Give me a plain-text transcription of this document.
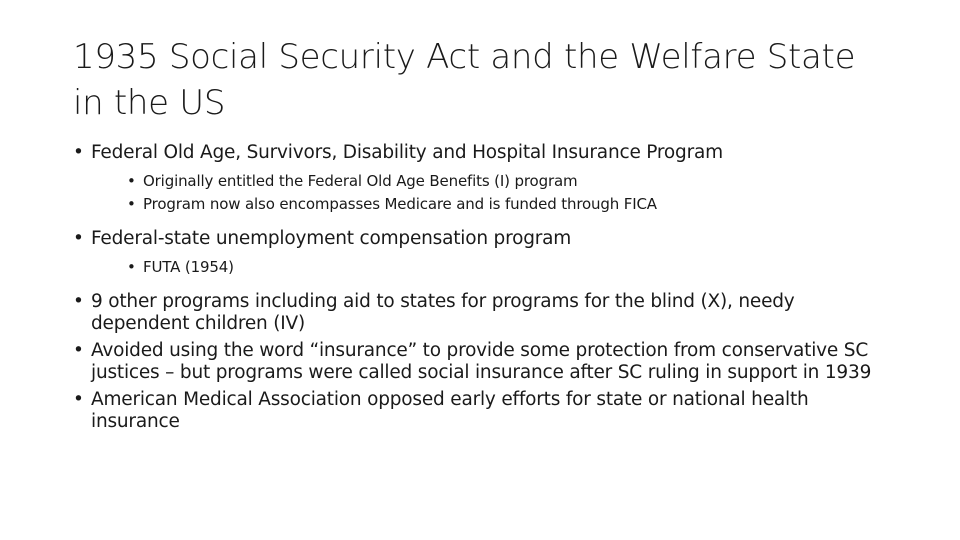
1935 Social Security Act and the Welfare State in the US
• Federal Old Age, Survivors, Disability and Hospital Insurance Program
• Originally entitled the Federal Old Age Benefits (I) program
• Program now also encompasses Medicare and is funded through FICA
• Federal-state unemployment compensation program
• FUTA (1954)
• 9 other programs including aid to states for programs for the blind (X), needy dependent children (IV)
• Avoided using the word “insurance” to provide some protection from conservative SC justices – but programs were called social insurance after SC ruling in support in 1939
• American Medical Association opposed early efforts for state or national health insurance
